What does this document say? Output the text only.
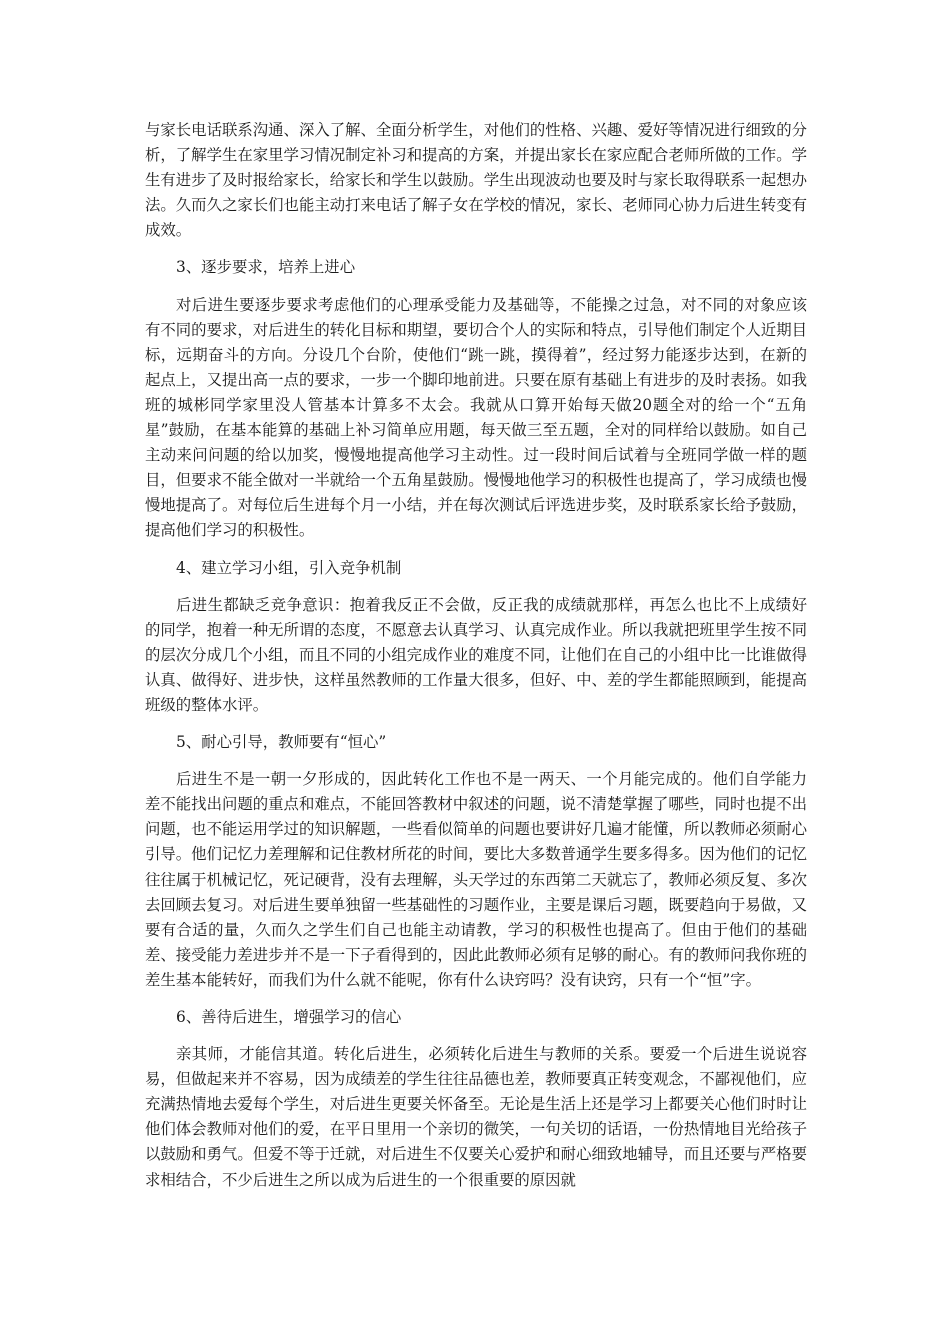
与家长电话联系沟通、深入了解、全面分析学生，对他们的性格、兴趣、爱好等情况进行细致的分析，了解学生在家里学习情况制定补习和提高的方案，并提出家长在家应配合老师所做的工作。学生有进步了及时报给家长，给家长和学生以鼓励。学生出现波动也要及时与家长取得联系一起想办法。久而久之家长们也能主动打来电话了解子女在学校的情况，家长、老师同心协力后进生转变有成效。

3、逐步要求，培养上进心

对后进生要逐步要求考虑他们的心理承受能力及基础等，不能操之过急，对不同的对象应该有不同的要求，对后进生的转化目标和期望，要切合个人的实际和特点，引导他们制定个人近期目标，远期奋斗的方向。分设几个台阶，使他们“跳一跳，摸得着”，经过努力能逐步达到，在新的起点上，又提出高一点的要求，一步一个脚印地前进。只要在原有基础上有进步的及时表扬。如我班的城彬同学家里没人管基本计算多不太会。我就从口算开始每天做20题全对的给一个“五角星”鼓励，在基本能算的基础上补习简单应用题，每天做三至五题，全对的同样给以鼓励。如自己主动来问问题的给以加奖，慢慢地提高他学习主动性。过一段时间后试着与全班同学做一样的题目，但要求不能全做对一半就给一个五角星鼓励。慢慢地他学习的积极性也提高了，学习成绩也慢慢地提高了。对每位后生进每个月一小结，并在每次测试后评选进步奖，及时联系家长给予鼓励，提高他们学习的积极性。

4、建立学习小组，引入竞争机制

后进生都缺乏竞争意识：抱着我反正不会做，反正我的成绩就那样，再怎么也比不上成绩好的同学，抱着一种无所谓的态度，不愿意去认真学习、认真完成作业。所以我就把班里学生按不同的层次分成几个小组，而且不同的小组完成作业的难度不同，让他们在自己的小组中比一比谁做得认真、做得好、进步快，这样虽然教师的工作量大很多，但好、中、差的学生都能照顾到，能提高班级的整体水评。

5、耐心引导，教师要有“恒心”

后进生不是一朝一夕形成的，因此转化工作也不是一两天、一个月能完成的。他们自学能力差不能找出问题的重点和难点，不能回答教材中叙述的问题，说不清楚掌握了哪些，同时也提不出问题，也不能运用学过的知识解题，一些看似简单的问题也要讲好几遍才能懂，所以教师必须耐心引导。他们记忆力差理解和记住教材所花的时间，要比大多数普通学生要多得多。因为他们的记忆往往属于机械记忆，死记硬背，没有去理解，头天学过的东西第二天就忘了，教师必须反复、多次去回顾去复习。对后进生要单独留一些基础性的习题作业，主要是课后习题，既要趋向于易做，又要有合适的量，久而久之学生们自己也能主动请教，学习的积极性也提高了。但由于他们的基础差、接受能力差进步并不是一下子看得到的，因此此教师必须有足够的耐心。有的教师问我你班的差生基本能转好，而我们为什么就不能呢，你有什么诀窍吗？没有诀窍，只有一个“恒”字。

6、善待后进生，增强学习的信心

亲其师，才能信其道。转化后进生，必须转化后进生与教师的关系。要爱一个后进生说说容易，但做起来并不容易，因为成绩差的学生往往品德也差，教师要真正转变观念，不鄙视他们，应充满热情地去爱每个学生，对后进生更要关怀备至。无论是生活上还是学习上都要关心他们时时让他们体会教师对他们的爱，在平日里用一个亲切的微笑，一句关切的话语，一份热情地目光给孩子以鼓励和勇气。但爱不等于迁就，对后进生不仅要关心爱护和耐心细致地辅导，而且还要与严格要求相结合，不少后进生之所以成为后进生的一个很重要的原因就
